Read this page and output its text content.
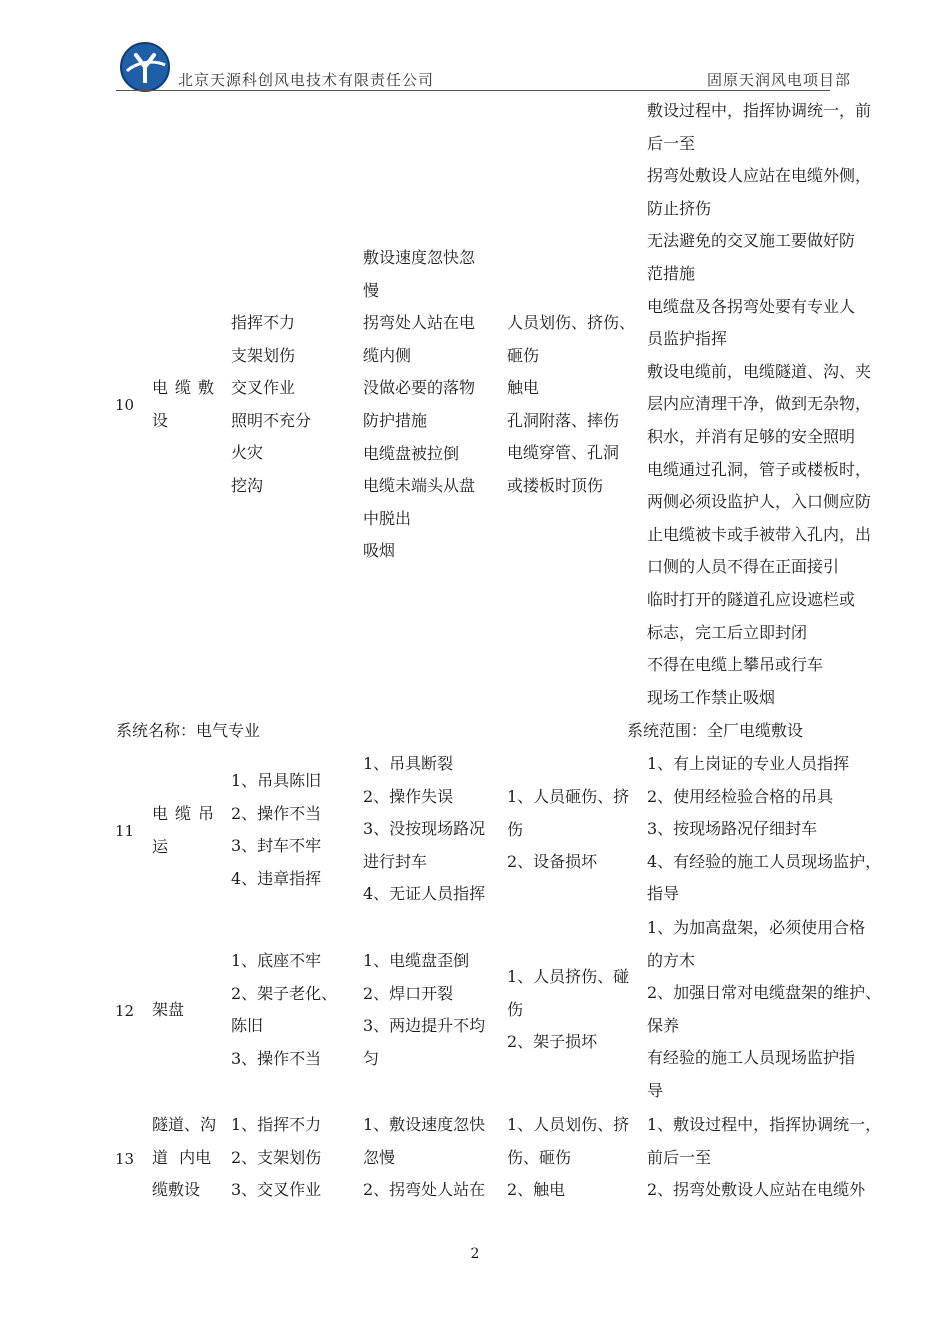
北京天源科创风电技术有限责任公司	固原天润风电项目部
10
电缆敷
设
指挥不力
支架划伤
交叉作业
照明不充分
火灾
挖沟
敷设速度忽快忽
慢
拐弯处人站在电
缆内侧
没做必要的落物
防护措施
电缆盘被拉倒
电缆未端头从盘
中脱出
吸烟
人员划伤、挤伤、
砸伤
触电
孔洞附落、摔伤
电缆穿管、孔洞
或搂板时顶伤
敷设过程中，指挥协调统一，前
后一至
拐弯处敷设人应站在电缆外侧，
防止挤伤
无法避免的交叉施工要做好防
范措施
电缆盘及各拐弯处要有专业人
员监护指挥
敷设电缆前，电缆隧道、沟、夹
层内应清理干净，做到无杂物，
积水，并消有足够的安全照明
电缆通过孔洞，管子或楼板时，
两侧必须设监护人，入口侧应防
止电缆被卡或手被带入孔内，出
口侧的人员不得在正面接引
临时打开的隧道孔应设遮栏或
标志，完工后立即封闭
不得在电缆上攀吊或行车
现场工作禁止吸烟
系统名称：电气专业	系统范围：全厂电缆敷设
11
电缆吊
运
1、吊具陈旧
2、操作不当
3、封车不牢
4、违章指挥
1、吊具断裂
2、操作失误
3、没按现场路况
进行封车
4、无证人员指挥
1、人员砸伤、挤
伤
2、设备损坏
1、有上岗证的专业人员指挥
2、使用经检验合格的吊具
3、按现场路况仔细封车
4、有经验的施工人员现场监护，
指导
12 架盘
1、底座不牢
2、架子老化、
陈旧
3、操作不当
1、电缆盘歪倒
2、焊口开裂
3、两边提升不均
匀
1、人员挤伤、碰
伤
2、架子损坏
1、为加高盘架，必须使用合格
的方木
2、加强日常对电缆盘架的维护、
保养
有经验的施工人员现场监护指
导
13
隧道、沟
道 内电
缆敷设
1、指挥不力
2、支架划伤
3、交叉作业
1、敷设速度忽快
忽慢
2、拐弯处人站在
1、人员划伤、挤
伤、砸伤
2、触电
1、敷设过程中，指挥协调统一，
前后一至
2、拐弯处敷设人应站在电缆外
2
